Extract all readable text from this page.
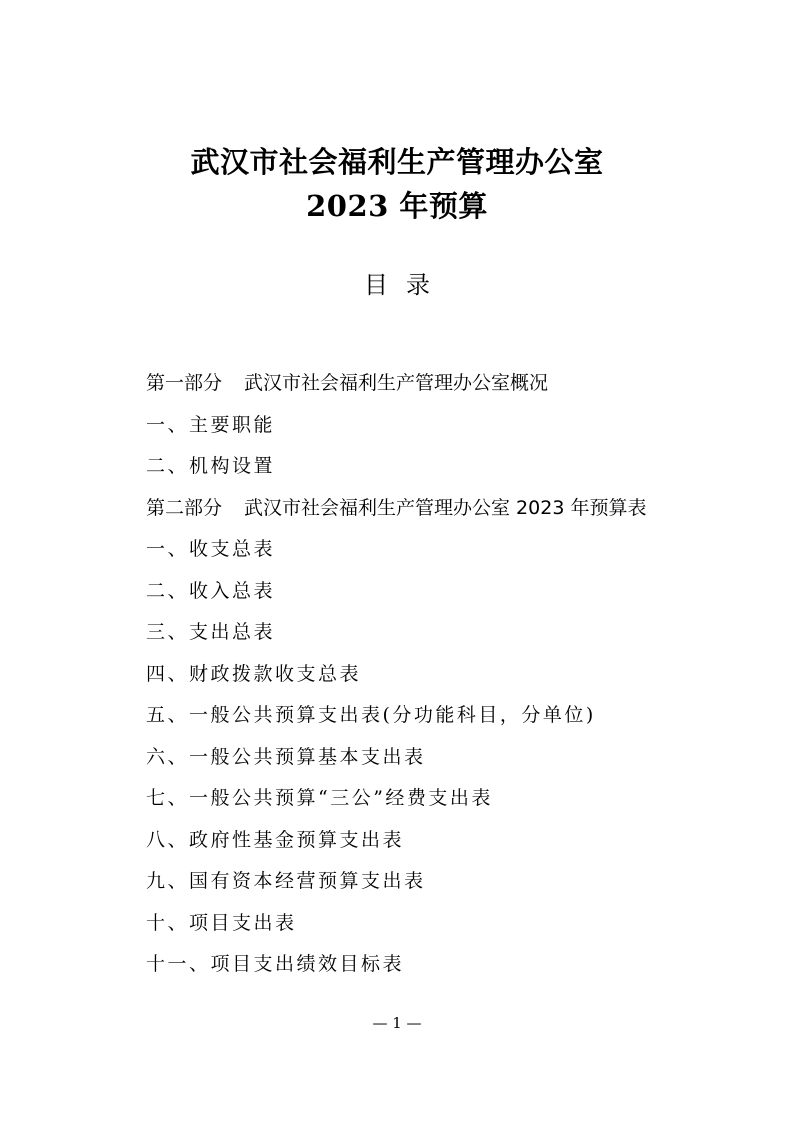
武汉市社会福利生产管理办公室
2023 年预算
目录
第一部分 武汉市社会福利生产管理办公室概况
一、主要职能
二、机构设置
第二部分 武汉市社会福利生产管理办公室 2023 年预算表
一、收支总表
二、收入总表
三、支出总表
四、财政拨款收支总表
五、一般公共预算支出表(分功能科目，分单位)
六、一般公共预算基本支出表
七、一般公共预算“三公”经费支出表
八、政府性基金预算支出表
九、国有资本经营预算支出表
十、项目支出表
十一、项目支出绩效目标表
— 1 —
